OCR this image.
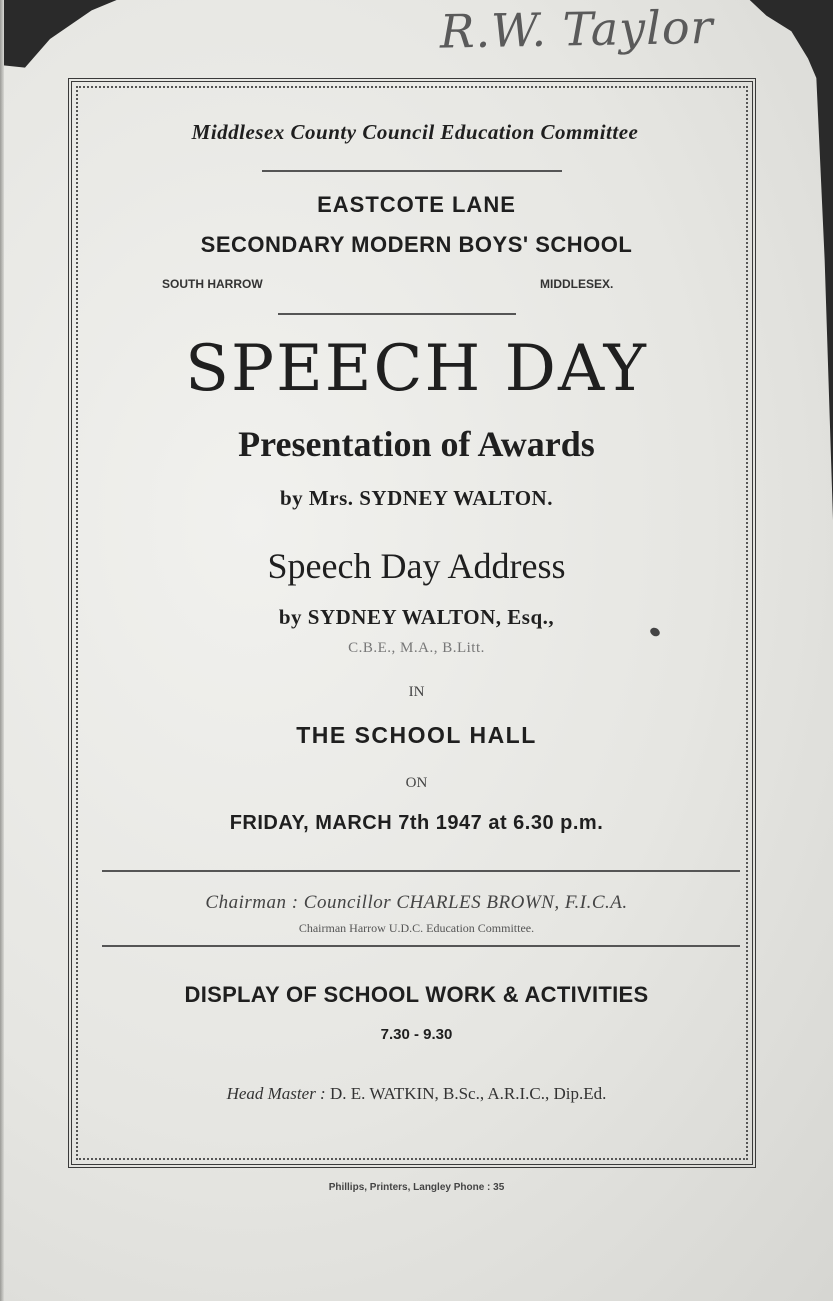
R.W. Taylor
Middlesex County Council Education Committee
EASTCOTE LANE
SECONDARY MODERN BOYS' SCHOOL
SOUTH HARROW	MIDDLESEX.
SPEECH DAY
Presentation of Awards
by Mrs. SYDNEY WALTON.
Speech Day Address
by SYDNEY WALTON, Esq.,
C.B.E., M.A., B.Litt.
IN
THE SCHOOL HALL
ON
FRIDAY, MARCH 7th 1947 at 6.30 p.m.
Chairman : Councillor CHARLES BROWN, F.I.C.A.
Chairman Harrow U.D.C. Education Committee.
DISPLAY OF SCHOOL WORK & ACTIVITIES
7.30 - 9.30
Head Master : D. E. WATKIN, B.Sc., A.R.I.C., Dip.Ed.
Phillips, Printers, Langley Phone : 35
